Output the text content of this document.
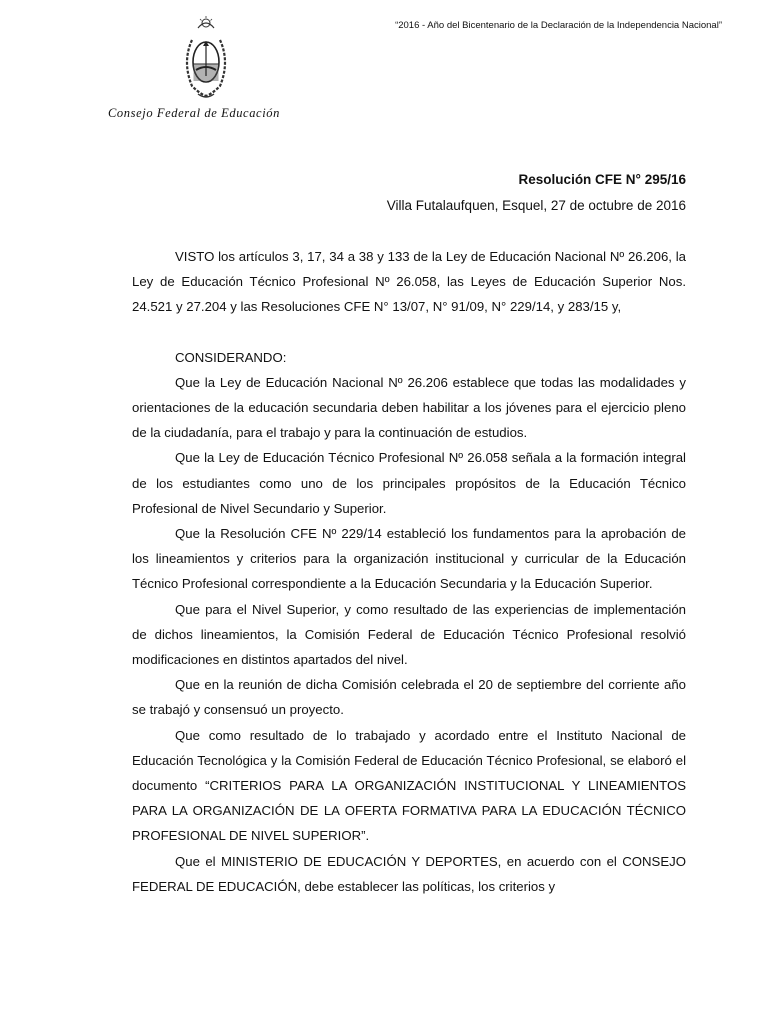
“2016 - Año del Bicentenario de la Declaración de la Independencia Nacional”
Consejo Federal de Educación
Resolución CFE N° 295/16
Villa Futalaufquen, Esquel, 27 de octubre de 2016

VISTO los artículos 3, 17, 34 a 38 y 133 de la Ley de Educación Nacional Nº 26.206, la Ley de Educación Técnico Profesional Nº 26.058, las Leyes de Educación Superior Nos. 24.521 y 27.204 y las Resoluciones CFE N° 13/07, N° 91/09, N° 229/14, y 283/15 y,

CONSIDERANDO:

Que la Ley de Educación Nacional Nº 26.206 establece que todas las modalidades y orientaciones de la educación secundaria deben habilitar a los jóvenes para el ejercicio pleno de la ciudadanía, para el trabajo y para la continuación de estudios.

Que la Ley de Educación Técnico Profesional Nº 26.058 señala a la formación integral de los estudiantes como uno de los principales propósitos de la Educación Técnico Profesional de Nivel Secundario y Superior.

Que la Resolución CFE Nº 229/14 estableció los fundamentos para la aprobación de los lineamientos y criterios para la organización institucional y curricular de la Educación Técnico Profesional correspondiente a la Educación Secundaria y la Educación Superior.

Que para el Nivel Superior, y como resultado de las experiencias de implementación de dichos lineamientos, la Comisión Federal de Educación Técnico Profesional resolvió modificaciones en distintos apartados del nivel.

Que en la reunión de dicha Comisión celebrada el 20 de septiembre del corriente año se trabajó y consensuó un proyecto.

Que como resultado de lo trabajado y acordado entre el Instituto Nacional de Educación Tecnológica y la Comisión Federal de Educación Técnico Profesional, se elaboró el documento “CRITERIOS PARA LA ORGANIZACIÓN INSTITUCIONAL Y LINEAMIENTOS PARA LA ORGANIZACIÓN DE LA OFERTA FORMATIVA PARA LA EDUCACIÓN TÉCNICO PROFESIONAL DE NIVEL SUPERIOR”.

Que el MINISTERIO DE EDUCACIÓN Y DEPORTES, en acuerdo con el CONSEJO FEDERAL DE EDUCACIÓN, debe establecer las políticas, los criterios y
